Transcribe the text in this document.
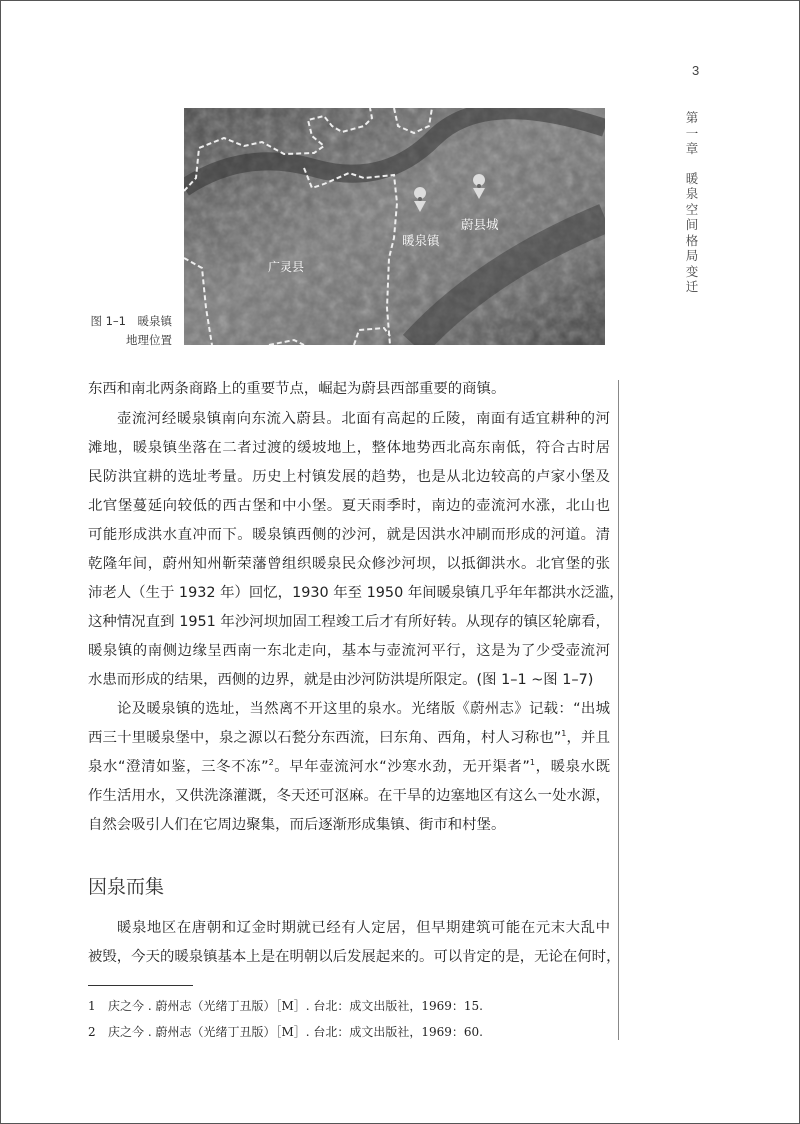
3
第
一
章
暖
泉
空
间
格
局
变
迁
暖泉镇
蔚县城
广灵县
图 1–1　暖泉镇
地理位置
东西和南北两条商路上的重要节点，崛起为蔚县西部重要的商镇。
壶流河经暖泉镇南向东流入蔚县。北面有高起的丘陵，南面有适宜耕种的河
滩地，暖泉镇坐落在二者过渡的缓坡地上，整体地势西北高东南低，符合古时居
民防洪宜耕的选址考量。历史上村镇发展的趋势，也是从北边较高的卢家小堡及
北官堡蔓延向较低的西古堡和中小堡。夏天雨季时，南边的壶流河水涨，北山也
可能形成洪水直冲而下。暖泉镇西侧的沙河，就是因洪水冲刷而形成的河道。清
乾隆年间，蔚州知州靳荣藩曾组织暖泉民众修沙河坝，以抵御洪水。北官堡的张
沛老人（生于 1932 年）回忆，1930 年至 1950 年间暖泉镇几乎年年都洪水泛滥，
这种情况直到 1951 年沙河坝加固工程竣工后才有所好转。从现存的镇区轮廓看，
暖泉镇的南侧边缘呈西南一东北走向，基本与壶流河平行，这是为了少受壶流河
水患而形成的结果，西侧的边界，就是由沙河防洪堤所限定。(图 1–1 ~图 1–7)
论及暖泉镇的选址，当然离不开这里的泉水。光绪版《蔚州志》记载：“出城
西三十里暖泉堡中，泉之源以石甃分东西流，曰东角、西角，村人习称也”$^1$，并且
泉水“澄清如鉴，三冬不冻”$^2$。早年壶流河水“沙寒水劲，无开渠者”$^1$，暖泉水既
作生活用水，又供洗涤灌溉，冬天还可沤麻。在干旱的边塞地区有这么一处水源，
自然会吸引人们在它周边聚集，而后逐渐形成集镇、街市和村堡。
暖泉地区在唐朝和辽金时期就已经有人定居，但早期建筑可能在元末大乱中
被毁，今天的暖泉镇基本上是在明朝以后发展起来的。可以肯定的是，无论在何时，
因泉而集
1 庆之今 . 蔚州志（光绪丁丑版）［M］. 台北：成文出版社，1969：15.
2 庆之今 . 蔚州志（光绪丁丑版）［M］. 台北：成文出版社，1969：60.
